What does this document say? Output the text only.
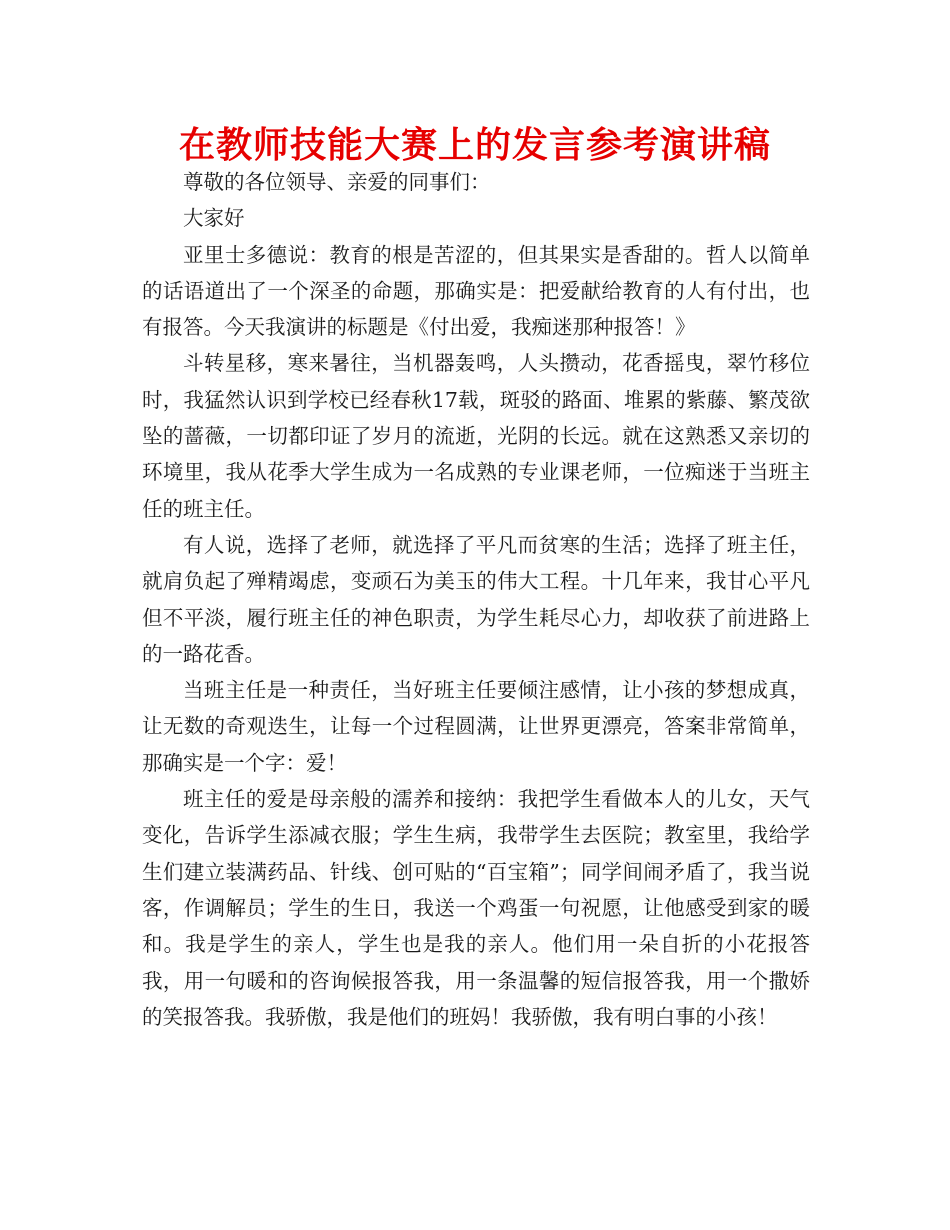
在教师技能大赛上的发言参考演讲稿

尊敬的各位领导、亲爱的同事们：

大家好

亚里士多德说：教育的根是苦涩的，但其果实是香甜的。哲人以简单的话语道出了一个深圣的命题，那确实是：把爱献给教育的人有付出，也有报答。今天我演讲的标题是《付出爱，我痴迷那种报答！》

斗转星移，寒来暑往，当机器轰鸣，人头攒动，花香摇曳，翠竹移位时，我猛然认识到学校已经春秋17载，斑驳的路面、堆累的紫藤、繁茂欲坠的蔷薇，一切都印证了岁月的流逝，光阴的长远。就在这熟悉又亲切的环境里，我从花季大学生成为一名成熟的专业课老师，一位痴迷于当班主任的班主任。

有人说，选择了老师，就选择了平凡而贫寒的生活；选择了班主任，就肩负起了殚精竭虑，变顽石为美玉的伟大工程。十几年来，我甘心平凡但不平淡，履行班主任的神色职责，为学生耗尽心力，却收获了前进路上的一路花香。

当班主任是一种责任，当好班主任要倾注感情，让小孩的梦想成真，让无数的奇观迭生，让每一个过程圆满，让世界更漂亮，答案非常简单，那确实是一个字：爱！

班主任的爱是母亲般的濡养和接纳：我把学生看做本人的儿女，天气变化，告诉学生添减衣服；学生生病，我带学生去医院；教室里，我给学生们建立装满药品、针线、创可贴的“百宝箱”；同学间闹矛盾了，我当说客，作调解员；学生的生日，我送一个鸡蛋一句祝愿，让他感受到家的暖和。我是学生的亲人，学生也是我的亲人。他们用一朵自折的小花报答我，用一句暖和的咨询候报答我，用一条温馨的短信报答我，用一个撒娇的笑报答我。我骄傲，我是他们的班妈！我骄傲，我有明白事的小孩！
